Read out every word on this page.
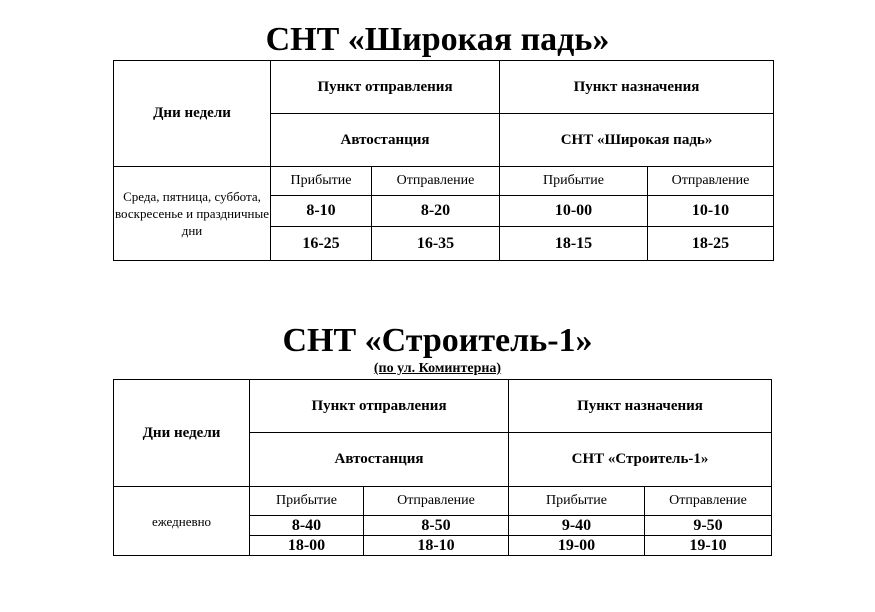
СНТ «Широкая падь»
Дни недели	Пункт отправления		Пункт назначения	
	Автостанция		СНТ «Широкая падь»	
Среда, пятница, суббота, воскресенье и праздничные дни	Прибытие	Отправление	Прибытие	Отправление
	8-10	8-20	10-00	10-10
	16-25	16-35	18-15	18-25
СНТ «Строитель-1»
(по ул. Коминтерна)
Дни недели	Пункт отправления		Пункт назначения	
	Автостанция		СНТ «Строитель-1»	
ежедневно	Прибытие	Отправление	Прибытие	Отправление
	8-40	8-50	9-40	9-50
	18-00	18-10	19-00	19-10
